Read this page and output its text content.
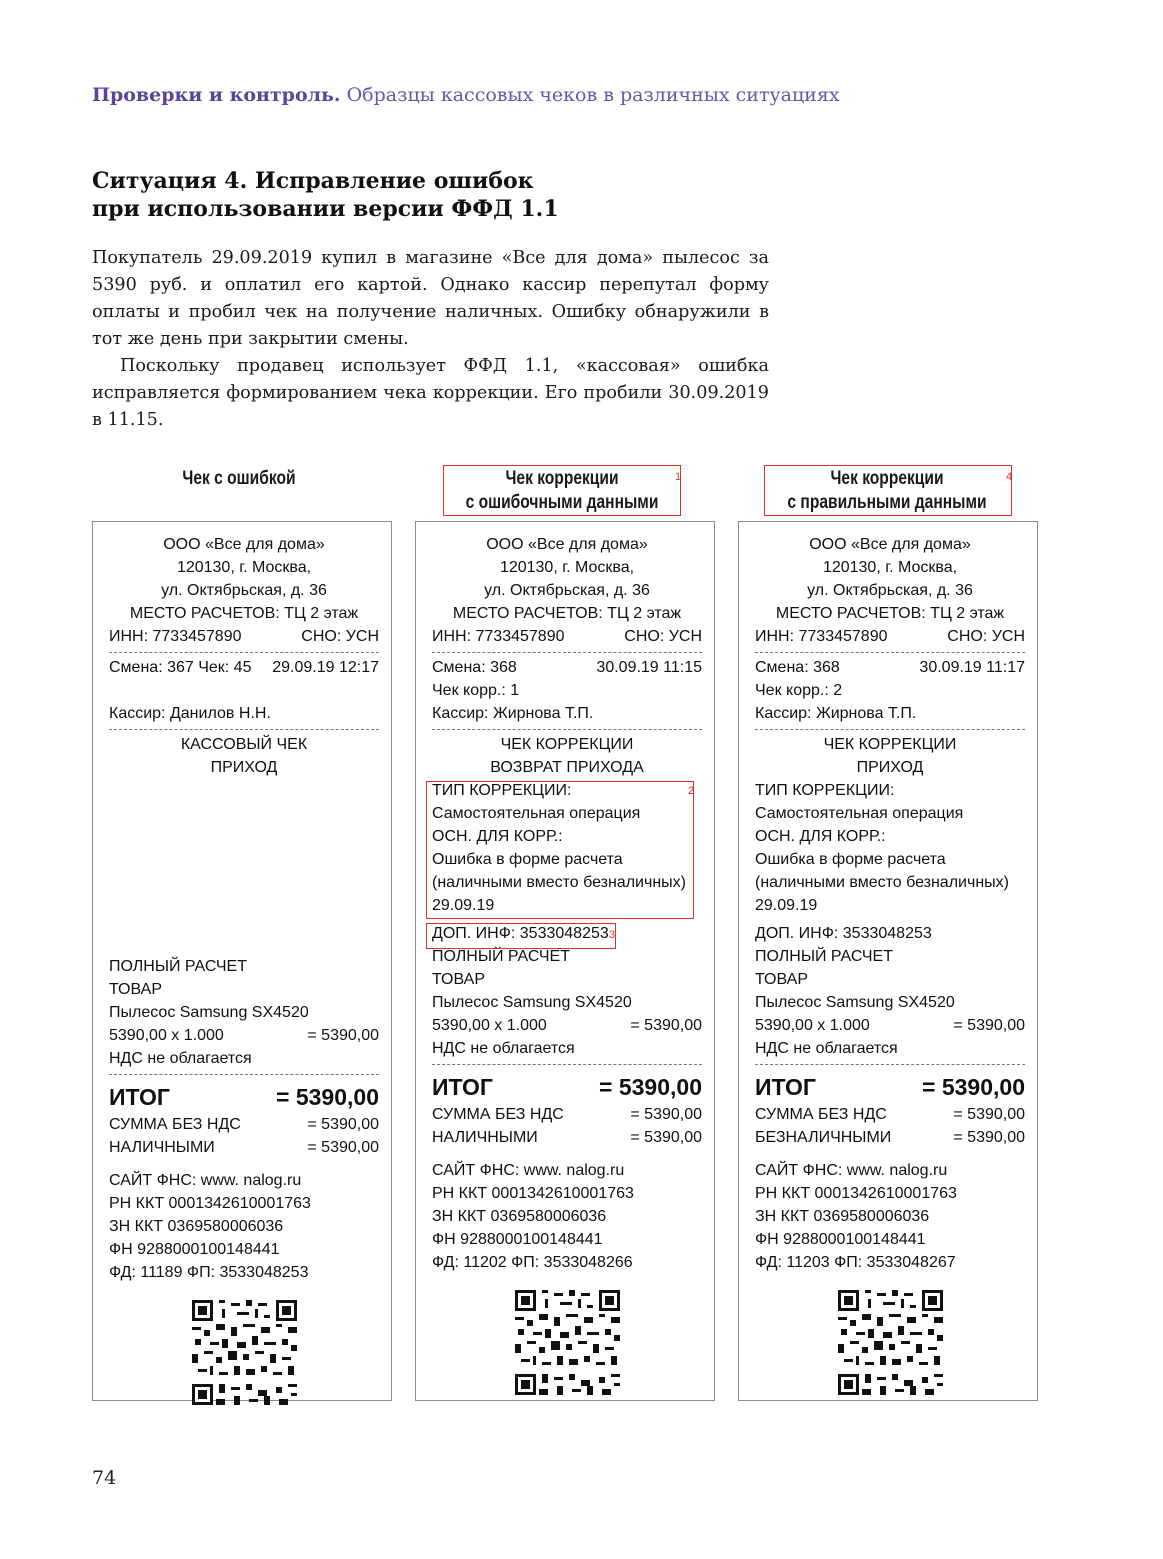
Проверки и контроль. Образцы кассовых чеков в различных ситуациях
Ситуация 4. Исправление ошибок
при использовании версии ФФД 1.1

Покупатель 29.09.2019 купил в магазине «Все для дома» пылесос за 5390 руб. и оплатил его картой. Однако кассир перепутал форму оплаты и пробил чек на получение наличных. Ошибку обнаружили в тот же день при закрытии смены.

Поскольку продавец использует ФФД 1.1, «кассовая» ошибка исправляется формированием чека коррекции. Его пробили 30.09.2019 в 11.15.

Чек с ошибкой	Чек коррекции
с ошибочными данными
Чек коррекции
с правильными данными
1	4
ООО «Все для дома»
120130, г. Москва,
ул. Октябрьская, д. 36
МЕСТО РАСЧЕТОВ: ТЦ 2 этаж
ИНН: 7733457890	СНО: УСН
Смена: 367 Чек: 45 29.09.19 12:17
Кассир: Данилов Н.Н.
КАССОВЫЙ ЧЕК
ПРИХОД
ПОЛНЫЙ РАСЧЕТ
ТОВАР
Пылесос Samsung SX4520
5390,00 х 1.000	= 5390,00
НДС не облагается
ИТОГ	= 5390,00
СУММА БЕЗ НДС	= 5390,00
НАЛИЧНЫМИ	= 5390,00
САЙТ ФНС: www. nalog.ru
РН ККТ 0001342610001763
ЗН ККТ 0369580006036
ФН 9288000100148441
ФД: 11189 ФП: 3533048253
ООО «Все для дома»
120130, г. Москва,
ул. Октябрьская, д. 36
МЕСТО РАСЧЕТОВ: ТЦ 2 этаж
ИНН: 7733457890	СНО: УСН
Смена: 368	30.09.19 11:15
Чек корр.: 1
Кассир: Жирнова Т.П.
ЧЕК КОРРЕКЦИИ
ВОЗВРАТ ПРИХОДА
ТИП КОРРЕКЦИИ:
Самостоятельная операция
ОСН. ДЛЯ КОРР.:
Ошибка в форме расчета
(наличными вместо безналичных)
29.09.19
ДОП. ИНФ: 3533048253
ПОЛНЫЙ РАСЧЕТ
ТОВАР
Пылесос Samsung SX4520
5390,00 х 1.000	= 5390,00
НДС не облагается
ИТОГ	= 5390,00
СУММА БЕЗ НДС	= 5390,00
НАЛИЧНЫМИ	= 5390,00
САЙТ ФНС: www. nalog.ru
РН ККТ 0001342610001763
ЗН ККТ 0369580006036
ФН 9288000100148441
ФД: 11202 ФП: 3533048266
2
3
ООО «Все для дома»
120130, г. Москва,
ул. Октябрьская, д. 36
МЕСТО РАСЧЕТОВ: ТЦ 2 этаж
ИНН: 7733457890	СНО: УСН
Смена: 368	30.09.19 11:17
Чек корр.: 2
Кассир: Жирнова Т.П.
ЧЕК КОРРЕКЦИИ
ПРИХОД
ТИП КОРРЕКЦИИ:
Самостоятельная операция
ОСН. ДЛЯ КОРР.:
Ошибка в форме расчета
(наличными вместо безналичных)
29.09.19
ДОП. ИНФ: 3533048253
ПОЛНЫЙ РАСЧЕТ
ТОВАР
Пылесос Samsung SX4520
5390,00 х 1.000	= 5390,00
НДС не облагается
ИТОГ	= 5390,00
СУММА БЕЗ НДС	= 5390,00
БЕЗНАЛИЧНЫМИ	= 5390,00
САЙТ ФНС: www. nalog.ru
РН ККТ 0001342610001763
ЗН ККТ 0369580006036
ФН 9288000100148441
ФД: 11203 ФП: 3533048267
74
